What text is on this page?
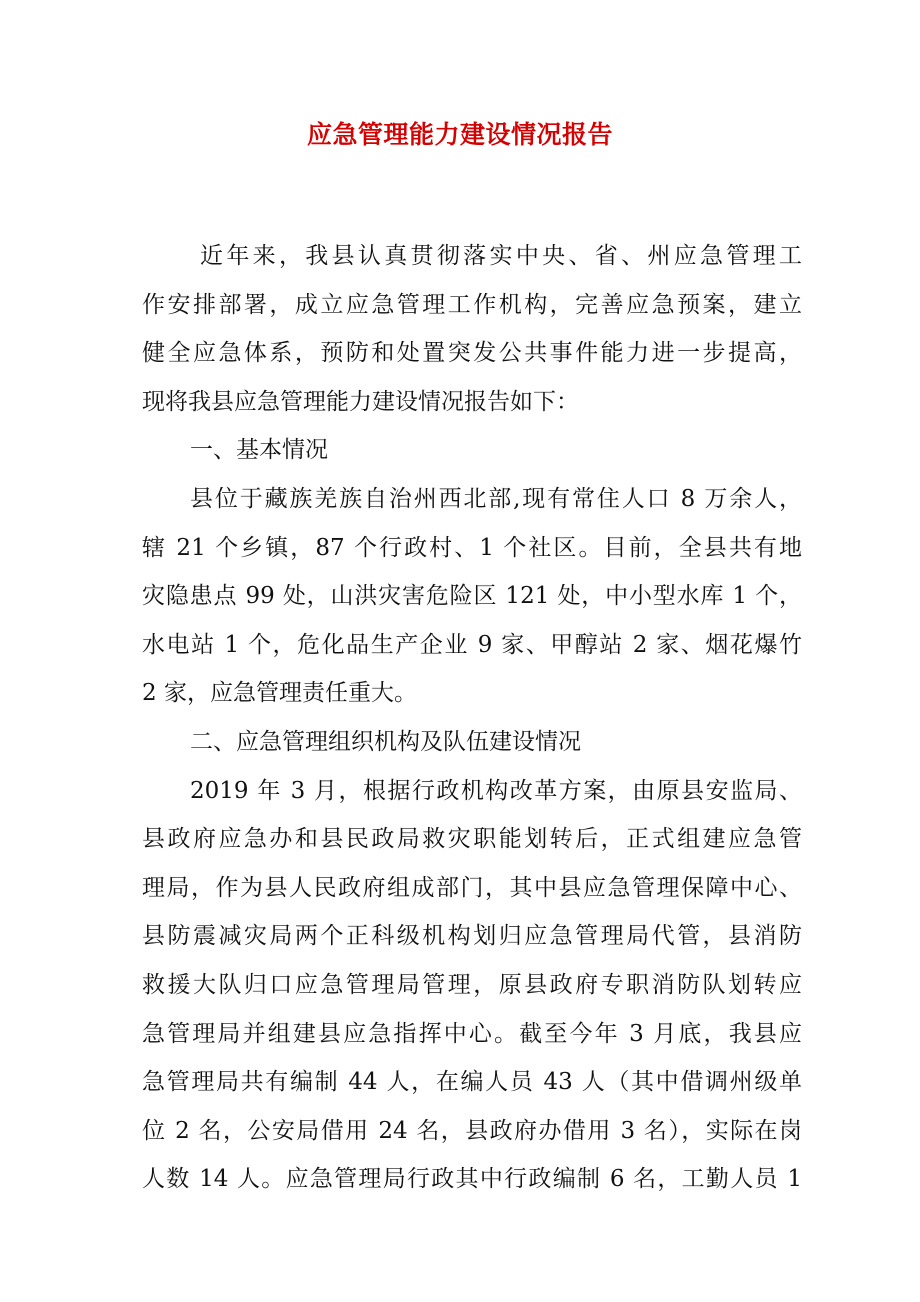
应急管理能力建设情况报告
近年来，我县认真贯彻落实中央、省、州应急管理工
作安排部署，成立应急管理工作机构，完善应急预案，建立
健全应急体系，预防和处置突发公共事件能力进一步提高，
现将我县应急管理能力建设情况报告如下：
一、基本情况
县位于藏族羌族自治州西北部,现有常住人口 8 万余人，
辖 21 个乡镇，87 个行政村、1 个社区。目前，全县共有地
灾隐患点 99 处，山洪灾害危险区 121 处，中小型水库 1 个，
水电站 1 个，危化品生产企业 9 家、甲醇站 2 家、烟花爆竹
2 家，应急管理责任重大。
二、应急管理组织机构及队伍建设情况
2019 年 3 月，根据行政机构改革方案，由原县安监局、
县政府应急办和县民政局救灾职能划转后，正式组建应急管
理局，作为县人民政府组成部门，其中县应急管理保障中心、
县防震减灾局两个正科级机构划归应急管理局代管，县消防
救援大队归口应急管理局管理，原县政府专职消防队划转应
急管理局并组建县应急指挥中心。截至今年 3 月底，我县应
急管理局共有编制 44 人，在编人员 43 人（其中借调州级单
位 2 名，公安局借用 24 名，县政府办借用 3 名），实际在岗
人数 14 人。应急管理局行政其中行政编制 6 名，工勤人员 1
